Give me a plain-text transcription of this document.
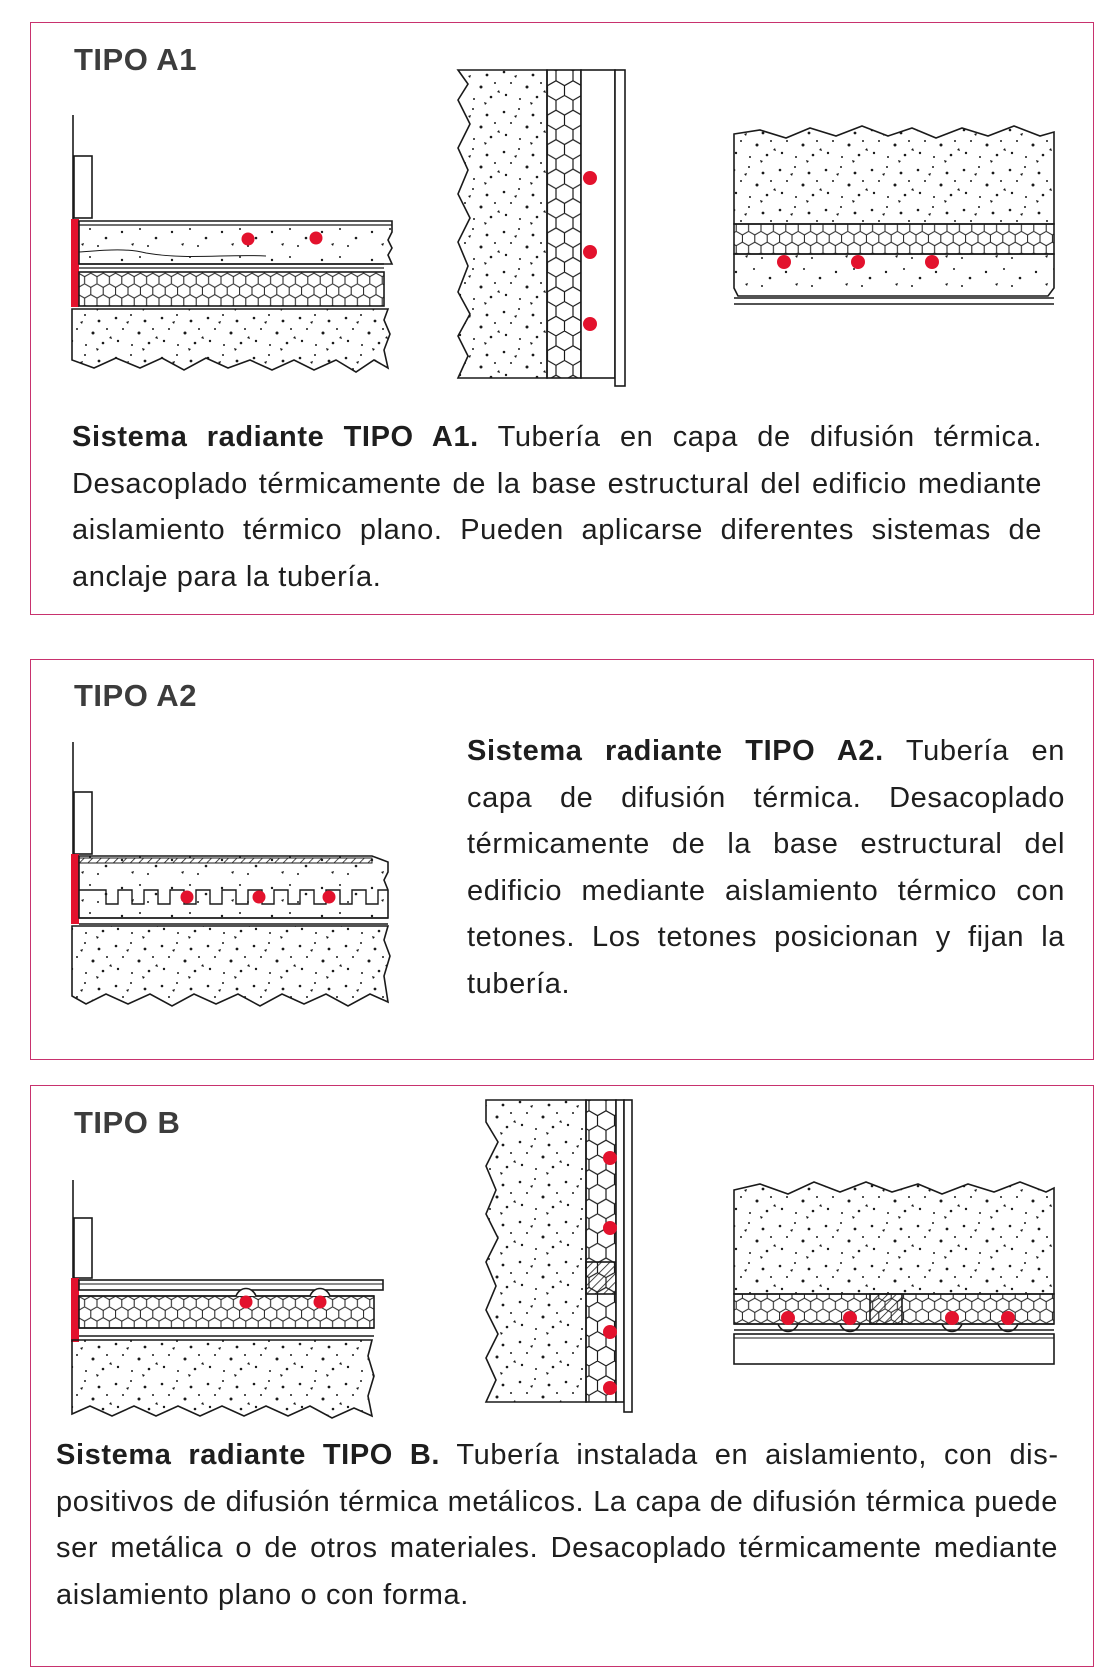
TIPO A1
Sistema radiante TIPO A1. Tubería en capa de difusión térmica. Desacoplado térmicamente de la base estructural del edificio mediante aislamiento térmico plano. Pueden aplicarse diferentes sistemas de anclaje para la tubería.
TIPO A2
Sistema radiante TIPO A2. Tubería en capa de difusión térmica. Desacoplado térmicamente de la base estructural del edificio mediante aislamiento térmico con tetones. Los tetones posicionan y fijan la tubería.
TIPO B
Sistema radiante TIPO B. Tubería instalada en aislamiento, con dispositivos de difusión térmica metálicos. La capa de difusión térmica puede ser metálica o de otros materiales. Desacoplado térmicamente mediante aislamiento plano o con forma.
